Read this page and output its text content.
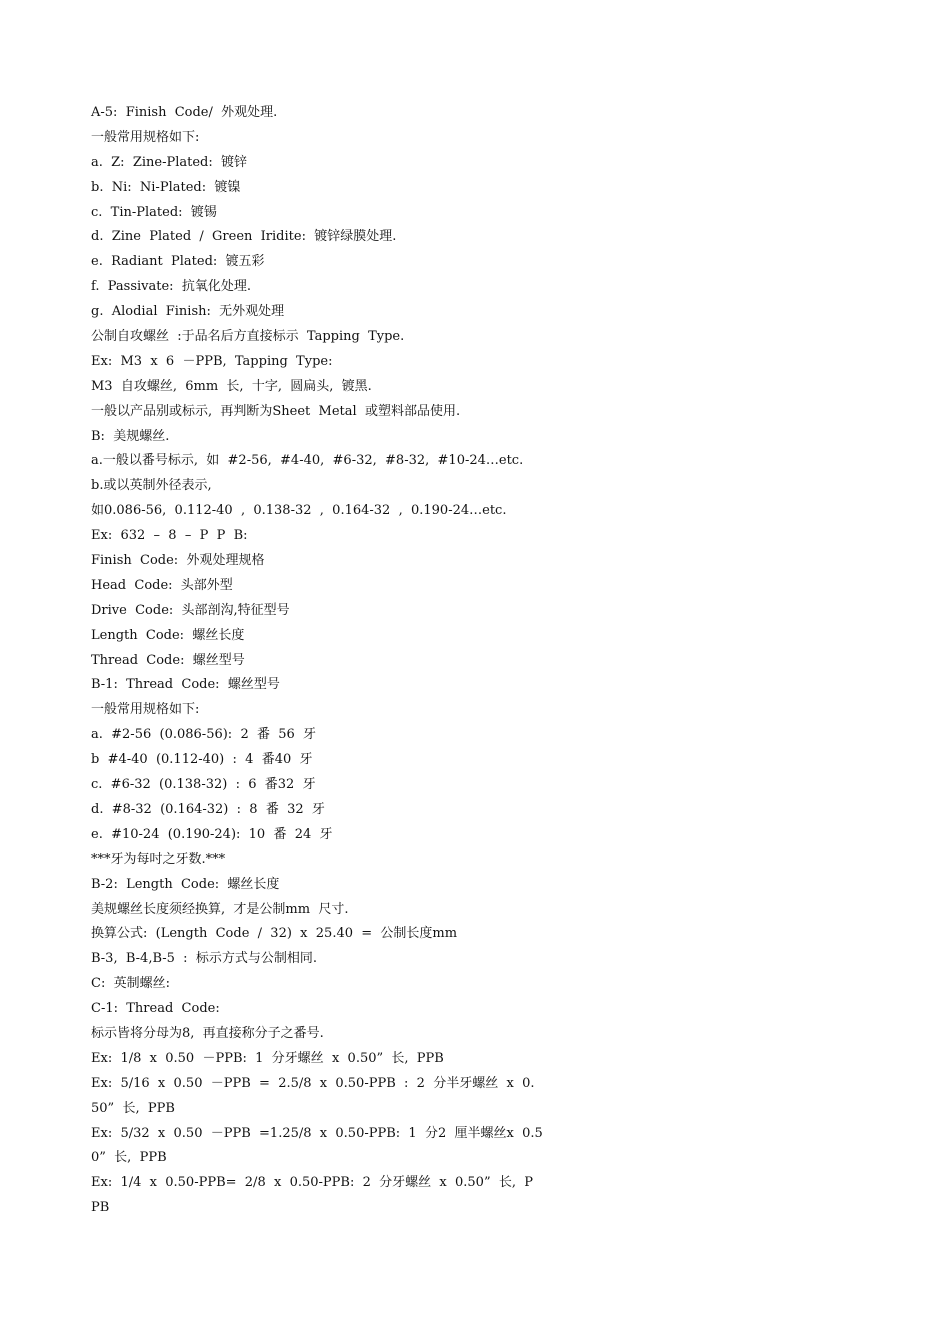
A-5:  Finish  Code/  外观处理.
一般常用规格如下:
a.  Z:  Zine-Plated:  镀锌
b.  Ni:  Ni-Plated:  镀镍
c.  Tin-Plated:  镀锡
d.  Zine  Plated  /  Green  Iridite:  镀锌绿膜处理.
e.  Radiant  Plated:  镀五彩
f.  Passivate:  抗氧化处理.
g.  Alodial  Finish:  无外观处理
公制自攻螺丝  :于品名后方直接标示  Tapping  Type.
Ex:  M3  x  6  －PPB,  Tapping  Type:
M3  自攻螺丝,  6mm  长,  十字,  圆扁头,  镀黑.
一般以产品别或标示,  再判断为Sheet  Metal  或塑料部品使用.
B:  美规螺丝.
a.一般以番号标示,  如  #2-56,  #4-40,  #6-32,  #8-32,  #10-24…etc.
b.或以英制外径表示,
如0.086-56,  0.112-40  ,  0.138-32  ,  0.164-32  ,  0.190-24…etc.
Ex:  632  –  8  –  P  P  B:
Finish  Code:  外观处理规格
Head  Code:  头部外型
Drive  Code:  头部剖沟,特征型号
Length  Code:  螺丝长度
Thread  Code:  螺丝型号
B-1:  Thread  Code:  螺丝型号
一般常用规格如下:
a.  #2-56  (0.086-56):  2  番  56  牙
b  #4-40  (0.112-40)  :  4  番40  牙
c.  #6-32  (0.138-32)  :  6  番32  牙
d.  #8-32  (0.164-32)  :  8  番  32  牙
e.  #10-24  (0.190-24):  10  番  24  牙
***牙为每吋之牙数.***
B-2:  Length  Code:  螺丝长度
美规螺丝长度须经换算,  才是公制mm  尺寸.
换算公式:  (Length  Code  /  32)  x  25.40  =  公制长度mm
B-3,  B-4,B-5  :  标示方式与公制相同.
C:  英制螺丝:
C-1:  Thread  Code:
标示皆将分母为8,  再直接称分子之番号.
Ex:  1/8  x  0.50  －PPB:  1  分牙螺丝  x  0.50”  长,  PPB
Ex:  5/16  x  0.50  －PPB  =  2.5/8  x  0.50-PPB  :  2  分半牙螺丝  x  0.
50”  长,  PPB
Ex:  5/32  x  0.50  －PPB  =1.25/8  x  0.50-PPB:  1  分2  厘半螺丝x  0.5
0”  长,  PPB
Ex:  1/4  x  0.50-PPB=  2/8  x  0.50-PPB:  2  分牙螺丝  x  0.50”  长,  P
PB
